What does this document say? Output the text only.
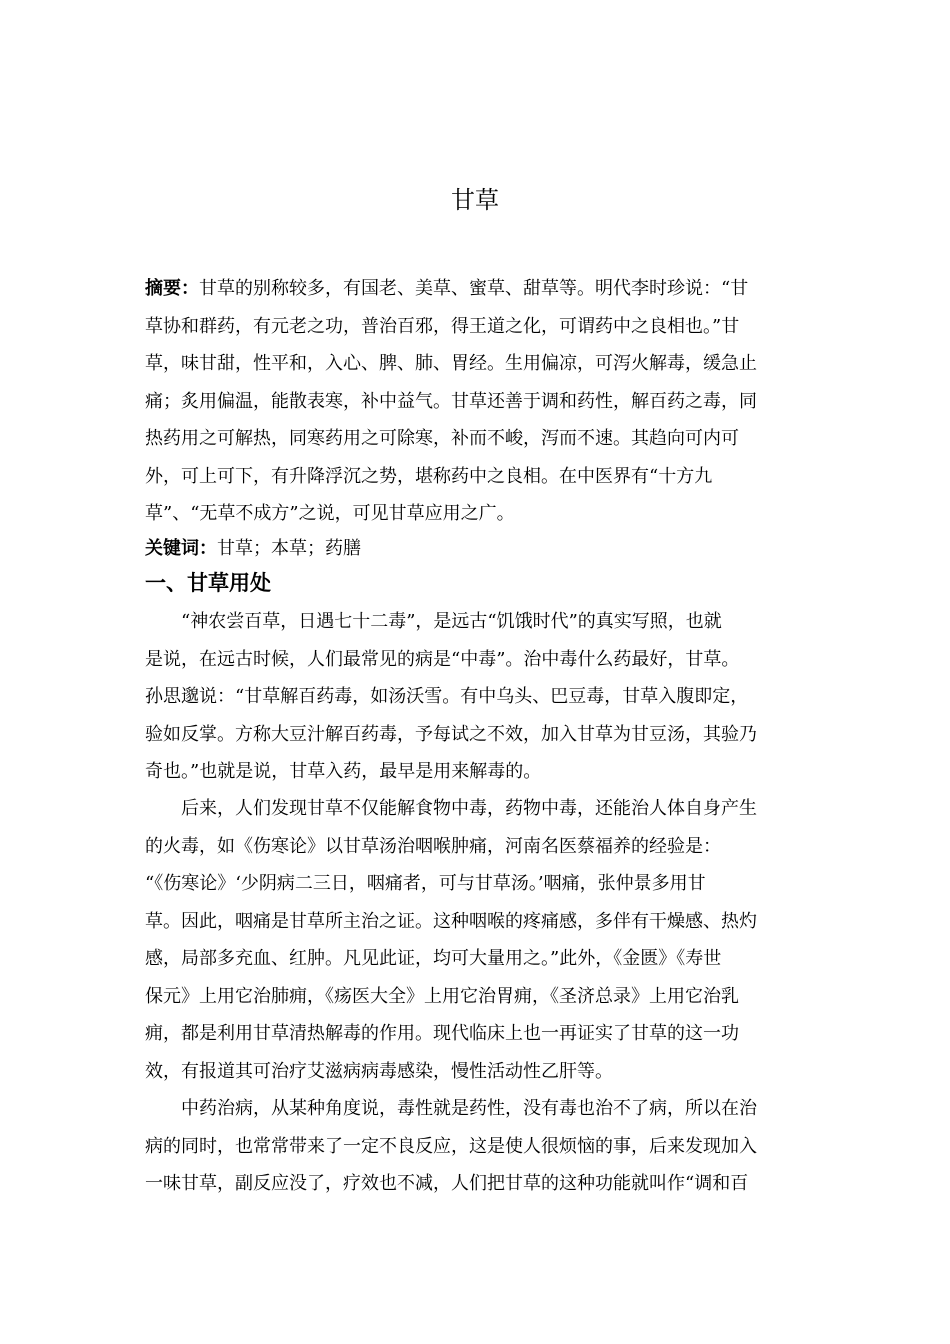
甘草
摘要：甘草的别称较多，有国老、美草、蜜草、甜草等。明代李时珍说：“甘
草协和群药，有元老之功，普治百邪，得王道之化，可谓药中之良相也。”甘
草，味甘甜，性平和，入心、脾、肺、胃经。生用偏凉，可泻火解毒，缓急止
痛；炙用偏温，能散表寒，补中益气。甘草还善于调和药性，解百药之毒，同
热药用之可解热，同寒药用之可除寒，补而不峻，泻而不速。其趋向可内可
外，可上可下，有升降浮沉之势，堪称药中之良相。在中医界有“十方九
草”、“无草不成方”之说，可见甘草应用之广。
关键词：甘草；本草；药膳
一、甘草用处
　　“神农尝百草，日遇七十二毒”，是远古“饥饿时代”的真实写照，也就
是说，在远古时候，人们最常见的病是“中毒”。治中毒什么药最好，甘草。
孙思邈说：“甘草解百药毒，如汤沃雪。有中乌头、巴豆毒，甘草入腹即定，
验如反掌。方称大豆汁解百药毒，予每试之不效，加入甘草为甘豆汤，其验乃
奇也。”也就是说，甘草入药，最早是用来解毒的。
　　后来，人们发现甘草不仅能解食物中毒，药物中毒，还能治人体自身产生
的火毒，如《伤寒论》以甘草汤治咽喉肿痛，河南名医蔡福养的经验是：
“《伤寒论》‘少阴病二三日，咽痛者，可与甘草汤。’咽痛，张仲景多用甘
草。因此，咽痛是甘草所主治之证。这种咽喉的疼痛感，多伴有干燥感、热灼
感，局部多充血、红肿。凡见此证，均可大量用之。”此外，《金匮》《寿世
保元》上用它治肺痈，《疡医大全》上用它治胃痈，《圣济总录》上用它治乳
痈，都是利用甘草清热解毒的作用。现代临床上也一再证实了甘草的这一功
效，有报道其可治疗艾滋病病毒感染，慢性活动性乙肝等。
　　中药治病，从某种角度说，毒性就是药性，没有毒也治不了病，所以在治
病的同时，也常常带来了一定不良反应，这是使人很烦恼的事，后来发现加入
一味甘草，副反应没了，疗效也不减，人们把甘草的这种功能就叫作“调和百
